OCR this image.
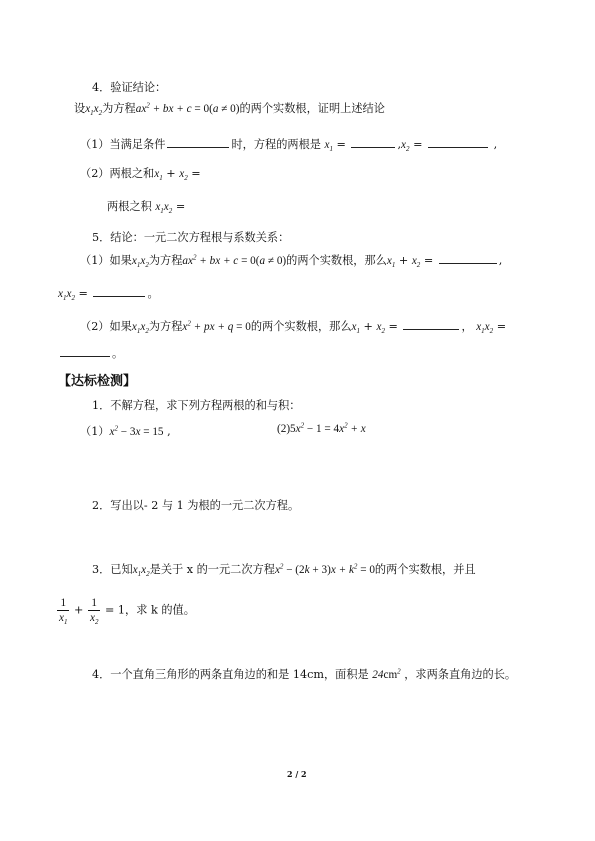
4．验证结论：
设$x_1x_2$为方程$ax^2$ + bx + c = 0(a ≠ 0)的两个实数根，证明上述结论
（1）当满足条件	时，方程的两根是 $x_1$ =	$,x_2$ =	,
（2）两根之和$x_1 + x_2$ =
两根之积 $x_1x_2$ =
5．结论：一元二次方程根与系数关系：
（1）如果$x_1x_2$为方程$ax^2$ + bx + c = 0(a ≠ 0)的两个实数根，那么$x_1 + x_2$ =	,
$x_1x_2$ =	。
（2）如果$x_1x_2$为方程$x^2$ + px + q = 0的两个实数根，那么$x_1 + x_2$ =	， $x_1x_2$ =
。
【达标检测】
1．不解方程，求下列方程两根的和与积：
$(1)x^2 - 3x = 15$ ,	$(2)5x^2 - 1 = 4x^2 + x$
2．写出以- 2 与 1 为根的一元二次方程。
3．已知$x_1x_2$是关于 x 的一元二次方程$x^2 - (2k + 3)x + k^2 = 0$的两个实数根，并且
$\frac{1}{x_1} + \frac{1}{x_2} = 1$，求 k 的值。
4．一个直角三角形的两条直角边的和是 14cm，面积是 $24cm^2$ ，求两条直角边的长。
2 / 2
